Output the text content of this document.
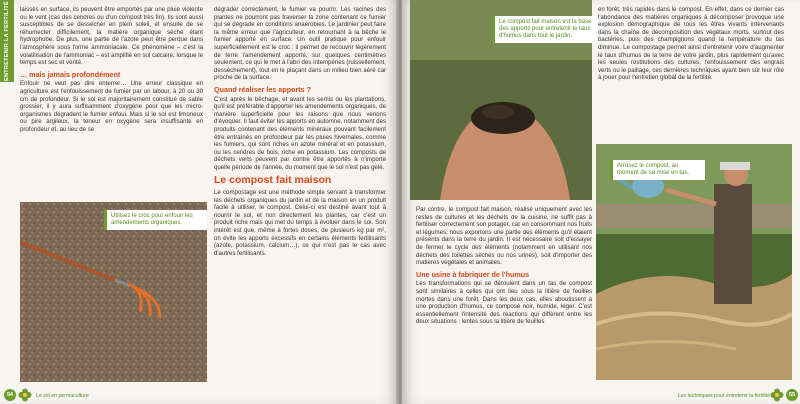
ENTRETENIR LA FERTILITÉ	laissés en surface, ils peuvent être emportés par une pluie violente ou le vent (cas des cendres ou d'un compost très fin). Ils sont aussi susceptibles de se dessécher en plein soleil, et ensuite de se réhumecter difficilement, la matière organique sèche étant hydrophobe. De plus, une partie de l'azote peut être perdue dans l'atmosphère sous forme ammoniacale. Ce phénomène – c'est la volatilisation de l'ammoniac – est amplifié en sol calcaire, lorsque le temps est sec et venté.

… mais jamais profondément

Enfouir ne veut pas dire enterrer… Une erreur classique en agriculture est l'enfouissement de fumier par un labour, à 20 ou 30 cm de profondeur. Si le sol est majoritairement constitué de sable grossier, il y aura suffisamment d'oxygène pour que les micro-organismes dégradent le fumier enfoui. Mais si le sol est limoneux ou pire argileux, la teneur en oxygène sera insuffisante en profondeur et, au lieu de se

Utilisez le croc pour enfouir les amendements organiques.

dégrader correctement, le fumier va pourrir. Les racines des plantes ne pourront pas traverser la zone contenant ce fumier qui se dégrade en conditions anaérobies. Le jardinier peut faire la même erreur que l'agriculteur, en retournant à la bêche le fumier apporté en surface. Un outil pratique pour enfouir superficiellement est le croc : il permet de recouvrir légèrement de terre l'amendement apporté, sur quelques centimètres seulement, ce qui le met à l'abri des intempéries (ruissellement, dessèchement), tout en le plaçant dans un milieu bien aéré car proche de la surface.

Quand réaliser les apports ?

C'est après le bêchage, et avant les semis ou les plantations, qu'il est préférable d'apporter les amendements organiques, de manière superficielle pour les raisons que nous venons d'évoquer. Il faut éviter les apports en automne, notamment des produits contenant des éléments minéraux pouvant facilement être entraînés en profondeur par les pluies hivernales, comme les fumiers, qui sont riches en azote minéral et en potassium, ou les cendres de bois, riche en potassium. Les composts de déchets verts peuvent par contre être apportés à n'importe quelle période de l'année, du moment que le sol n'est pas gelé.

Le compost fait maison

Le compostage est une méthode simple servant à transformer les déchets organiques du jardin et de la maison en un produit facile à utiliser, le compost. Celui-ci est destiné avant tout à nourrir le sol, et non directement les plantes, car c'est un produit riche mais qui met du temps à évoluer dans le sol. Son intérêt est que, même à fortes doses, de plusieurs kg par m², on évite les apports excessifs en certains éléments fertilisants (azote, potassium, calcium…), ce qui n'est pas le cas avec d'autres fertilisants.

Le sol en permaculture
54
Le compost fait maison est la base des apports pour entretenir le taux d'humus dans tout le jardin.

Par contre, le compost fait maison, réalisé uniquement avec les restes de cultures et les déchets de la cuisine, ne suffit pas à fertiliser correctement son potager, car en consommant nos fruits et légumes, nous exportons une partie des éléments qu'il étaient présents dans la terre du jardin. Il est nécessaire soit d'essayer de fermer le cycle des éléments (notamment en utilisant nos déchets des toilettes sèches ou nos urines), soit d'importer des matières végétales et animales.

Une usine à fabriquer de l'humus

Les transformations qui se déroulent dans un tas de compost sont similaires à celles qui ont lieu sous la litière de feuilles mortes dans une forêt. Dans les deux cas, elles aboutissent à une production d'humus, ce composé noir, humide, léger. C'est essentiellement l'intensité des réactions qui diffèrent entre les deux situations : lentes sous la litière de feuilles

en forêt, très rapides dans le compost. En effet, dans ce dernier cas l'abondance des matières organiques à décomposer provoque une explosion démographique de tous les êtres vivants intervenants dans la chaîne de décomposition des végétaux morts, surtout des bactéries, puis des champignons quand la température du tas diminue. Le compostage permet ainsi d'entretenir voire d'augmenter le taux d'humus de la terre de votre jardin, plus rapidement qu'avec les seules restitutions des cultures, l'enfouissement des engrais verts ou le paillage, ces dernières techniques ayant bien sûr leur rôle à jouer pour l'entretien global de la fertilité.

Arrosez le compost, au moment de sa mise en tas.
Les techniques pour entretenir la fertilité	55
